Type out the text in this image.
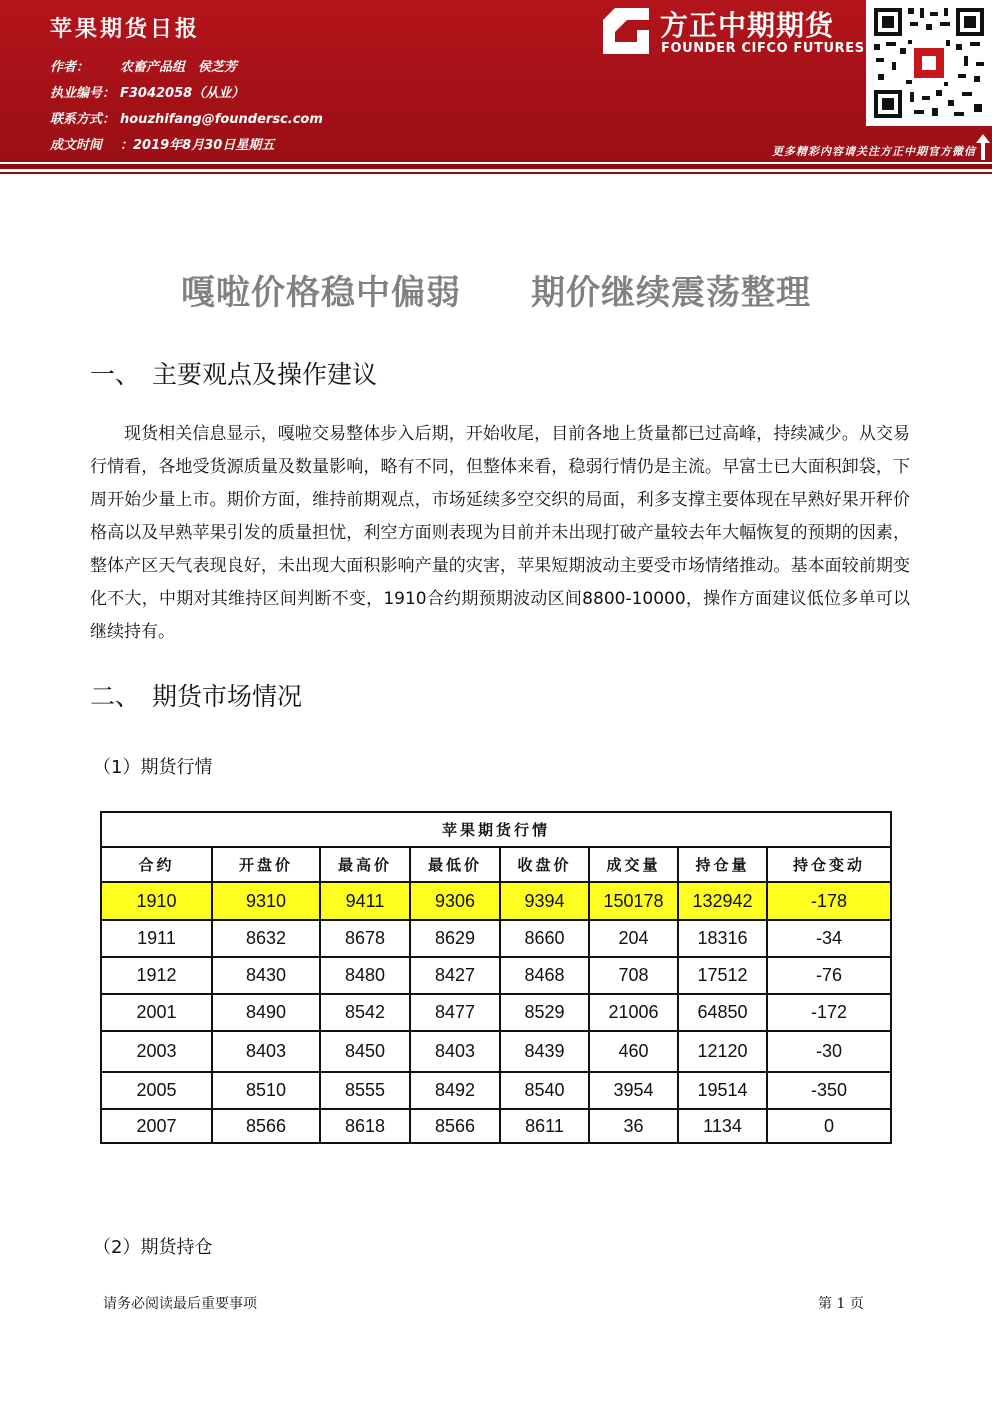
苹果期货日报
作者： 农畜产品组　侯芝芳
执业编号： F3042058（从业）
联系方式： houzhifang@foundersc.com
成文时间 ：2019年8月30日星期五
方正中期期货
FOUNDER CIFCO FUTURES
更多精彩内容请关注方正中期官方微信
嘎啦价格稳中偏弱 期价继续震荡整理
一、 主要观点及操作建议
现货相关信息显示，嘎啦交易整体步入后期，开始收尾，目前各地上货量都已过高峰，持续减少。从交易行情看，各地受货源质量及数量影响，略有不同，但整体来看，稳弱行情仍是主流。早富士已大面积卸袋，下周开始少量上市。期价方面，维持前期观点，市场延续多空交织的局面，利多支撑主要体现在早熟好果开秤价格高以及早熟苹果引发的质量担忧，利空方面则表现为目前并未出现打破产量较去年大幅恢复的预期的因素，整体产区天气表现良好，未出现大面积影响产量的灾害，苹果短期波动主要受市场情绪推动。基本面较前期变化不大，中期对其维持区间判断不变，1910合约期预期波动区间8800-10000，操作方面建议低位多单可以继续持有。
二、 期货市场情况
（1）期货行情
苹果期货行情							
合约	开盘价	最高价	最低价	收盘价	成交量	持仓量	持仓变动
1910	9310	9411	9306	9394	150178	132942	-178
1911	8632	8678	8629	8660	204	18316	-34
1912	8430	8480	8427	8468	708	17512	-76
2001	8490	8542	8477	8529	21006	64850	-172
2003	8403	8450	8403	8439	460	12120	-30
2005	8510	8555	8492	8540	3954	19514	-350
2007	8566	8618	8566	8611	36	1134	0
（2）期货持仓
请务必阅读最后重要事项	第 1 页
